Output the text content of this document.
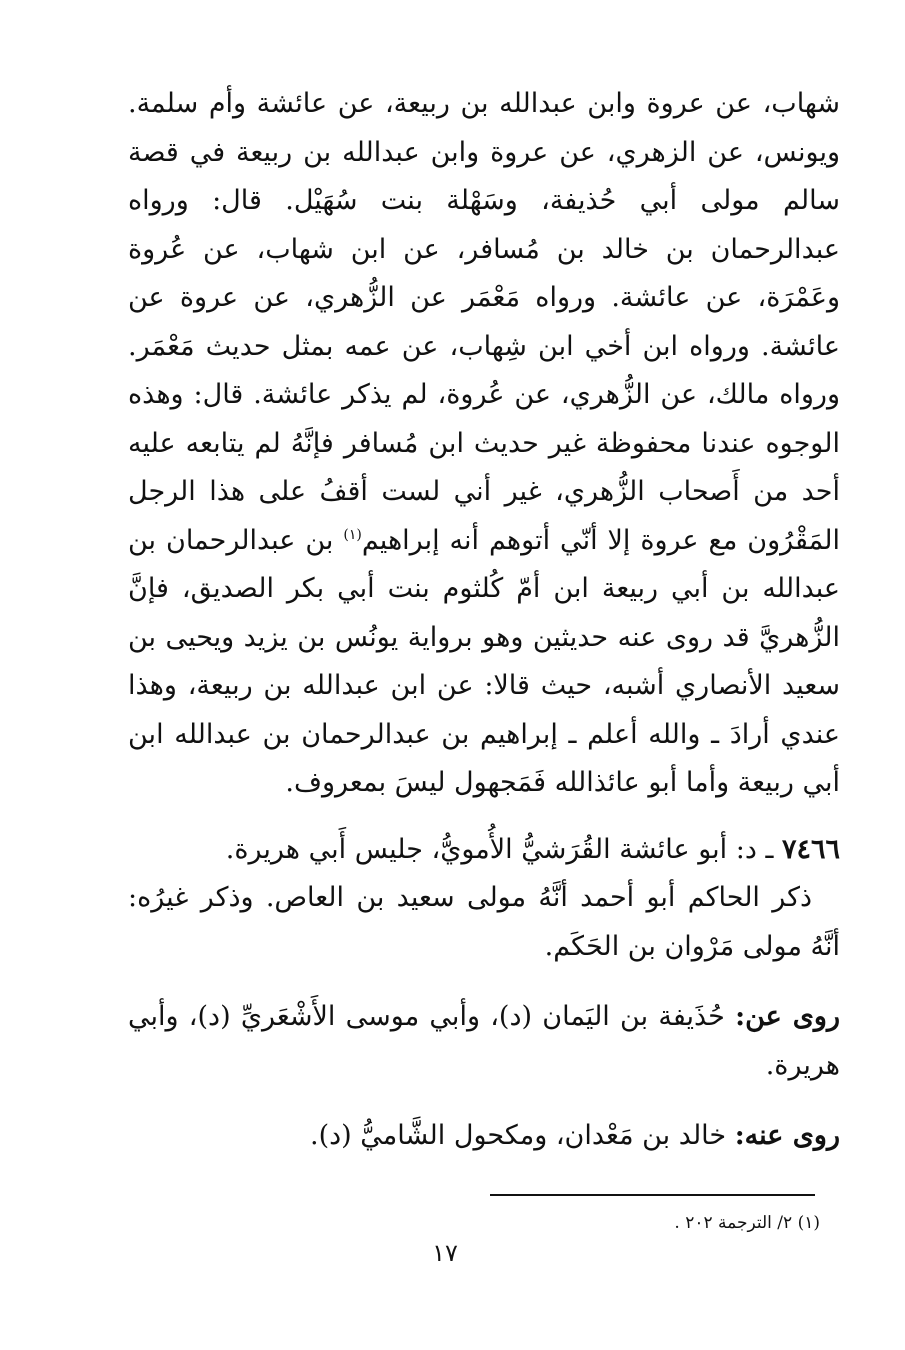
شهاب، عن عروة وابن عبدالله بن ربيعة، عن عائشة وأم سلمة. ويونس، عن الزهري، عن عروة وابن عبدالله بن ربيعة في قصة سالم مولى أبي حُذيفة، وسَهْلة بنت سُهَيْل. قال: ورواه عبدالرحمان بن خالد بن مُسافر، عن ابن شهاب، عن عُروة وعَمْرَة، عن عائشة. ورواه مَعْمَر عن الزُّهري، عن عروة عن عائشة. ورواه ابن أخي ابن شِهاب، عن عمه بمثل حديث مَعْمَر. ورواه مالك، عن الزُّهري، عن عُروة، لم يذكر عائشة. قال: وهذه الوجوه عندنا محفوظة غير حديث ابن مُسافر فإنَّهُ لم يتابعه عليه أحد من أَصحاب الزُّهري، غير أني لست أقفُ على هذا الرجل المَقْرُون مع عروة إلا أنّي أتوهم أنه إبراهيم$^{(١)}$ بن عبدالرحمان بن عبدالله بن أبي ربيعة ابن أمّ كُلثوم بنت أبي بكر الصديق، فإنَّ الزُّهريَّ قد روى عنه حديثين وهو برواية يونُس بن يزيد ويحيى بن سعيد الأنصاري أشبه، حيث قالا: عن ابن عبدالله بن ربيعة، وهذا عندي أرادَ ـ والله أعلم ـ إبراهيم بن عبدالرحمان بن عبدالله ابن أبي ربيعة وأما أبو عائذالله فَمَجهول ليسَ بمعروف.

٧٤٦٦ ـ د: أبو عائشة القُرَشيُّ الأُمويُّ، جليس أَبي هريرة.

ذكر الحاكم أبو أحمد أنَّهُ مولى سعيد بن العاص. وذكر غيرُه: أنَّهُ مولى مَرْوان بن الحَكَم.

روى عن: حُذَيفة بن اليَمان (د)، وأبي موسى الأَشْعَريِّ (د)، وأبي هريرة.

روى عنه: خالد بن مَعْدان، ومكحول الشَّاميُّ (د).

(١) ٢/ الترجمة ٢٠٢ .
١٧
